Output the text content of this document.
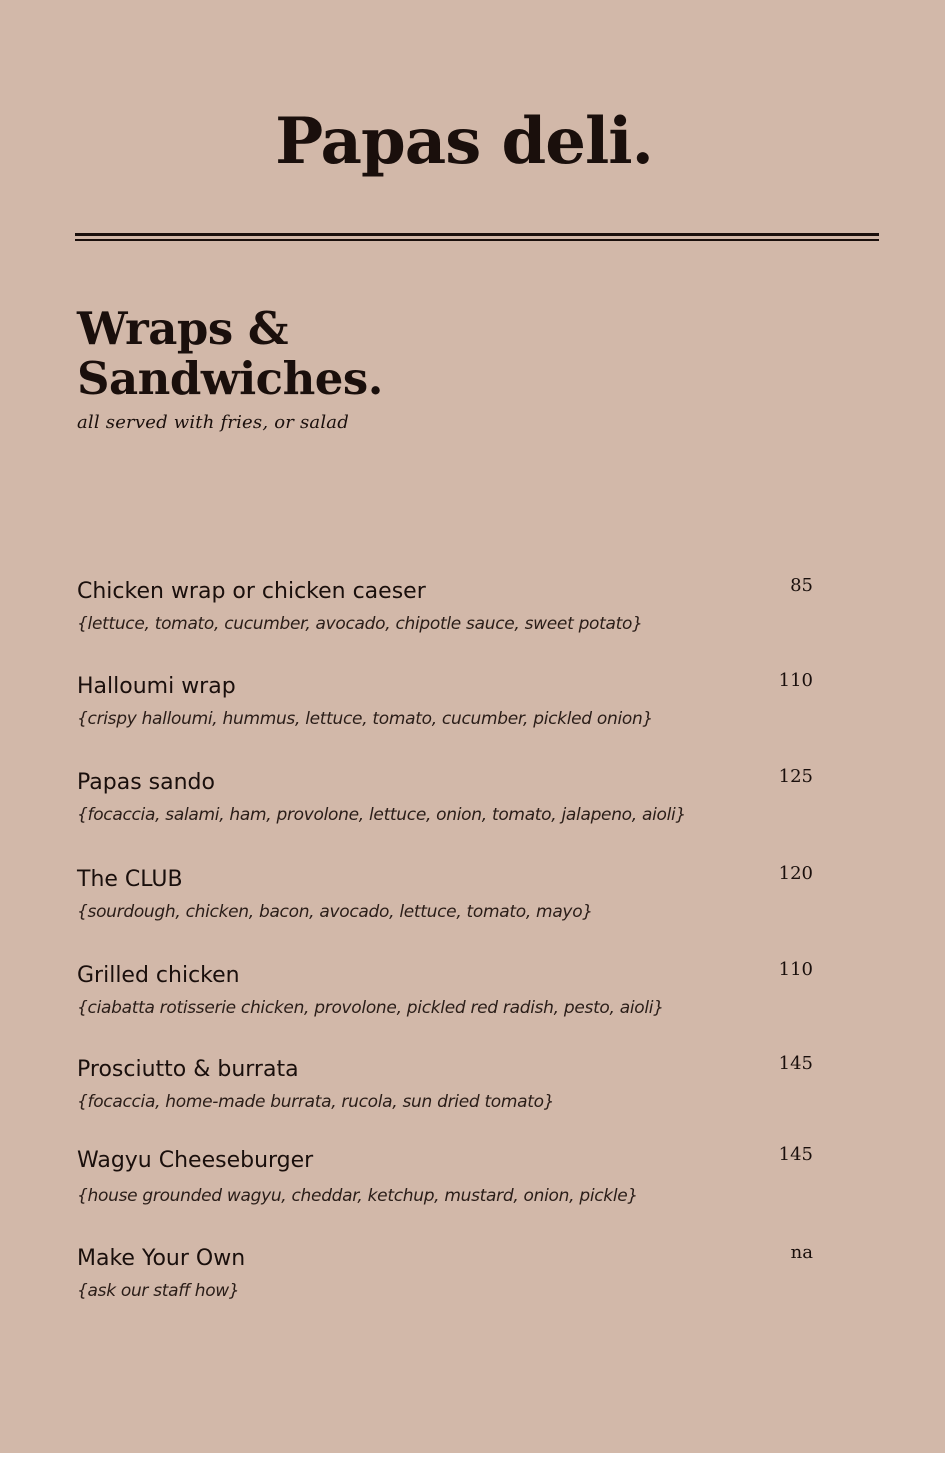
Papas deli.
Wraps &
Sandwiches.
all served with fries, or salad
Chicken wrap or chicken caeser
{lettuce, tomato, cucumber, avocado, chipotle sauce, sweet potato}
85
Halloumi wrap
{crispy halloumi, hummus, lettuce, tomato, cucumber, pickled onion}
110
Papas sando
{focaccia, salami, ham, provolone, lettuce, onion, tomato, jalapeno, aioli}
125
The CLUB
{sourdough, chicken, bacon, avocado, lettuce, tomato, mayo}
120
Grilled chicken
{ciabatta rotisserie chicken, provolone, pickled red radish, pesto, aioli}
110
Prosciutto & burrata
{focaccia, home-made burrata, rucola, sun dried tomato}
145
Wagyu Cheeseburger
{house grounded wagyu, cheddar, ketchup, mustard, onion, pickle}
145
Make Your Own
{ask our staff how}
na
